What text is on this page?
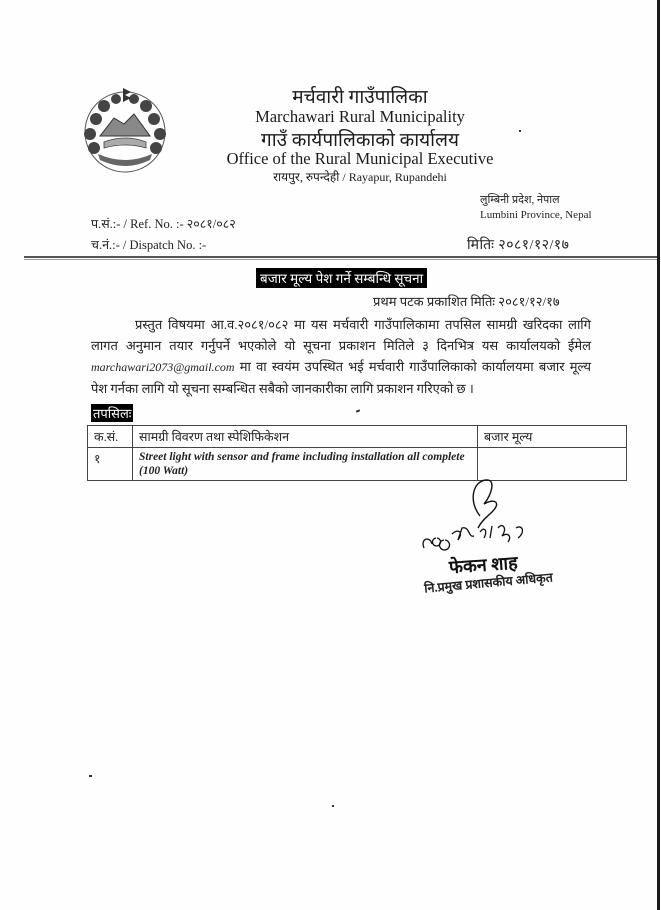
मर्चवारी गाउँपालिका
Marchawari Rural Municipality
गाउँ कार्यपालिकाको कार्यालय
Office of the Rural Municipal Executive
रायपुर, रुपन्देही / Rayapur, Rupandehi
लुम्बिनी प्रदेश, नेपाल
Lumbini Province, Nepal
प.सं.:- / Ref. No. :- २०८१/०८२
च.नं.:- / Dispatch No. :-	मितिः २०८१/१२/१७
बजार मूल्य पेश गर्ने सम्बन्धि सूचना
प्रथम पटक प्रकाशित मितिः २०८१/१२/१७
प्रस्तुत विषयमा आ.व.२०८१/०८२ मा यस मर्चवारी गाउँपालिकामा तपसिल सामग्री खरिदका लागि लागत अनुमान तयार गर्नुपर्ने भएकोले यो सूचना प्रकाशन मितिले ३ दिनभित्र यस कार्यालयको ईमेल marchawari2073@gmail.com मा वा स्वयंम उपस्थित भई मर्चवारी गाउँपालिकाको कार्यालयमा बजार मूल्य पेश गर्नका लागि यो सूचना सम्बन्धित सबैको जानकारीका लागि प्रकाशन गरिएको छ ।
तपसिलः
क.सं.	सामग्री विवरण तथा स्पेशिफिकेशन	बजार मूल्य
१	Street light with sensor and frame including installation all complete (100 Watt)	
फेकन शाह
नि.प्रमुख प्रशासकीय अधिकृत
